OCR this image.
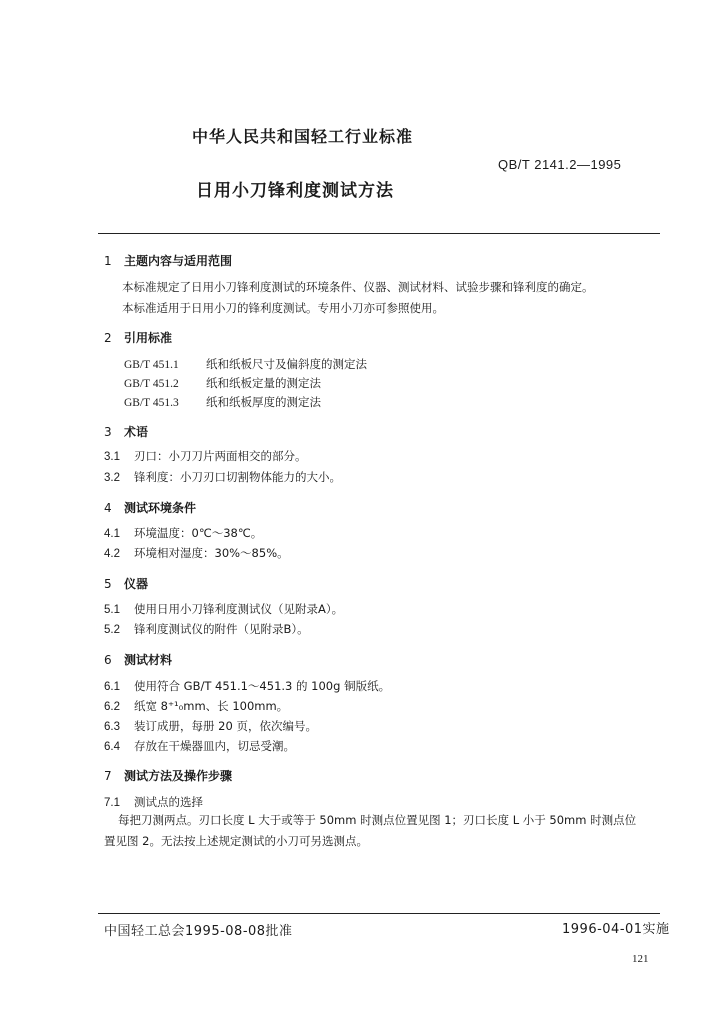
中华人民共和国轻工行业标准
QB/T 2141.2—1995
日用小刀锋利度测试方法
1 主题内容与适用范围
本标准规定了日用小刀锋利度测试的环境条件、仪器、测试材料、试验步骤和锋利度的确定。
本标准适用于日用小刀的锋利度测试。专用小刀亦可参照使用。
2 引用标准
GB/T 451.1 纸和纸板尺寸及偏斜度的测定法
GB/T 451.2 纸和纸板定量的测定法
GB/T 451.3 纸和纸板厚度的测定法
3 术语
3.1 刃口：小刀刀片两面相交的部分。
3.2 锋利度：小刀刃口切割物体能力的大小。
4 测试环境条件
4.1 环境温度：0℃～38℃。
4.2 环境相对湿度：30%～85%。
5 仪器
5.1 使用日用小刀锋利度测试仪（见附录A）。
5.2 锋利度测试仪的附件（见附录B）。
6 测试材料
6.1 使用符合 GB/T 451.1～451.3 的 100g 铜版纸。
6.2 纸宽 8⁺¹₀mm、长 100mm。
6.3 装订成册，每册 20 页，依次编号。
6.4 存放在干燥器皿内，切忌受潮。
7 测试方法及操作步骤
7.1 测试点的选择
每把刀测两点。刃口长度 L 大于或等于 50mm 时测点位置见图 1；刃口长度 L 小于 50mm 时测点位
置见图 2。无法按上述规定测试的小刀可另选测点。
中国轻工总会1995-08-08批准	1996-04-01实施
121
